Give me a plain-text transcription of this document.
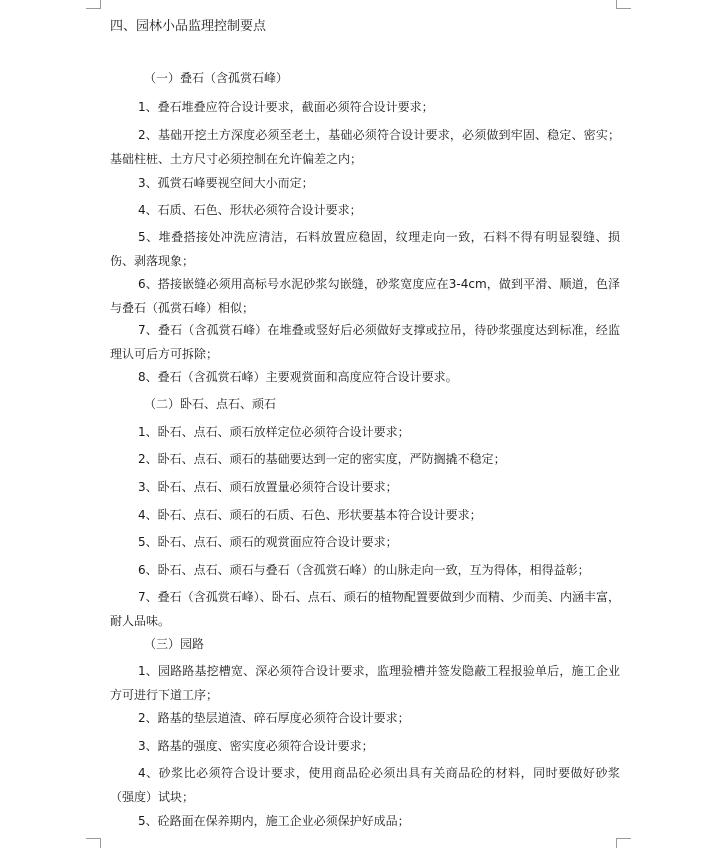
四、园林小品监理控制要点
（一）叠石（含孤赏石峰）
1、叠石堆叠应符合设计要求，截面必须符合设计要求；
2、基础开挖土方深度必须至老土，基础必须符合设计要求，必须做到牢固、稳定、密实；基础柱桩、土方尺寸必须控制在允许偏差之内；
3、孤赏石峰要视空间大小而定；
4、石质、石色、形状必须符合设计要求；
5、堆叠搭接处冲洗应清洁，石料放置应稳固，纹理走向一致，石料不得有明显裂缝、损伤、剥落现象；
6、搭接嵌缝必须用高标号水泥砂浆勾嵌缝，砂浆宽度应在3-4cm，做到平滑、顺道，色泽与叠石（孤赏石峰）相似；
7、叠石（含孤赏石峰）在堆叠或竖好后必须做好支撑或拉吊，待砂浆强度达到标准，经监理认可后方可拆除；
8、叠石（含孤赏石峰）主要观赏面和高度应符合设计要求。
（二）卧石、点石、顽石
1、卧石、点石、顽石放样定位必须符合设计要求；
2、卧石、点石、顽石的基础要达到一定的密实度，严防搁撬不稳定；
3、卧石、点石、顽石放置量必须符合设计要求；
4、卧石、点石、顽石的石质、石色、形状要基本符合设计要求；
5、卧石、点石、顽石的观赏面应符合设计要求；
6、卧石、点石、顽石与叠石（含孤赏石峰）的山脉走向一致，互为得体，相得益彰；
7、叠石（含孤赏石峰）、卧石、点石、顽石的植物配置要做到少而精、少而美、内涵丰富，耐人品味。
（三）园路
1、园路路基挖槽宽、深必须符合设计要求，监理验槽并签发隐蔽工程报验单后，施工企业方可进行下道工序；
2、路基的垫层道渣、碎石厚度必须符合设计要求；
3、路基的强度、密实度必须符合设计要求；
4、砂浆比必须符合设计要求，使用商品砼必须出具有关商品砼的材料，同时要做好砂浆（强度）试块；
5、砼路面在保养期内，施工企业必须保护好成品；
